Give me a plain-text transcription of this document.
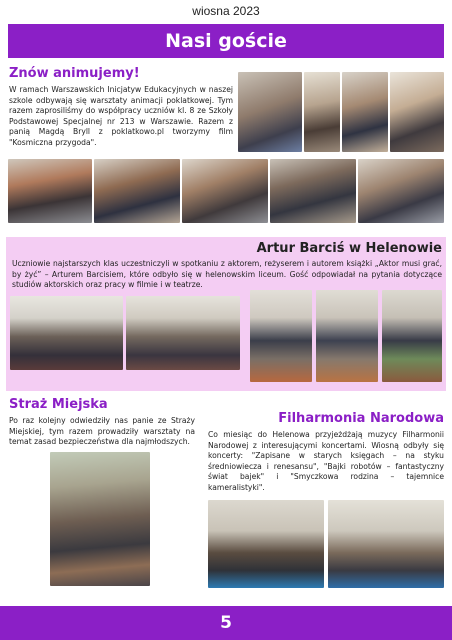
wiosna 2023
Nasi goście
Znów animujemy!
W ramach Warszawskich Inicjatyw Edukacyjnych w naszej szkole odbywają się warsztaty animacji poklatkowej. Tym razem zaprosiliśmy do współpracy uczniów kl. 8 ze Szkoły Podstawowej Specjalnej nr 213 w Warszawie. Razem z panią Magdą Bryll z poklatkowo.pl tworzymy film "Kosmiczna przygoda".
Artur Barciś w Helenowie
Uczniowie najstarszych klas uczestniczyli w spotkaniu z aktorem, reżyserem i autorem książki „Aktor musi grać, by żyć” – Arturem Barcisiem, które odbyło się w helenowskim liceum. Gość odpowiadał na pytania dotyczące studiów aktorskich oraz pracy w filmie i w teatrze.
Straż Miejska
Po raz kolejny odwiedziły nas panie ze Straży Miejskiej, tym razem prowadziły warsztaty na temat zasad bezpieczeństwa dla najmłodszych.
Filharmonia Narodowa
Co miesiąc do Helenowa przyjeżdżają muzycy Filharmonii Narodowej z interesującymi koncertami. Wiosną odbyły się koncerty: "Zapisane w starych księgach – na styku średniowiecza i renesansu", "Bajki robotów – fantastyczny świat bajek" i "Smyczkowa rodzina – tajemnice kameralistyki".
5
